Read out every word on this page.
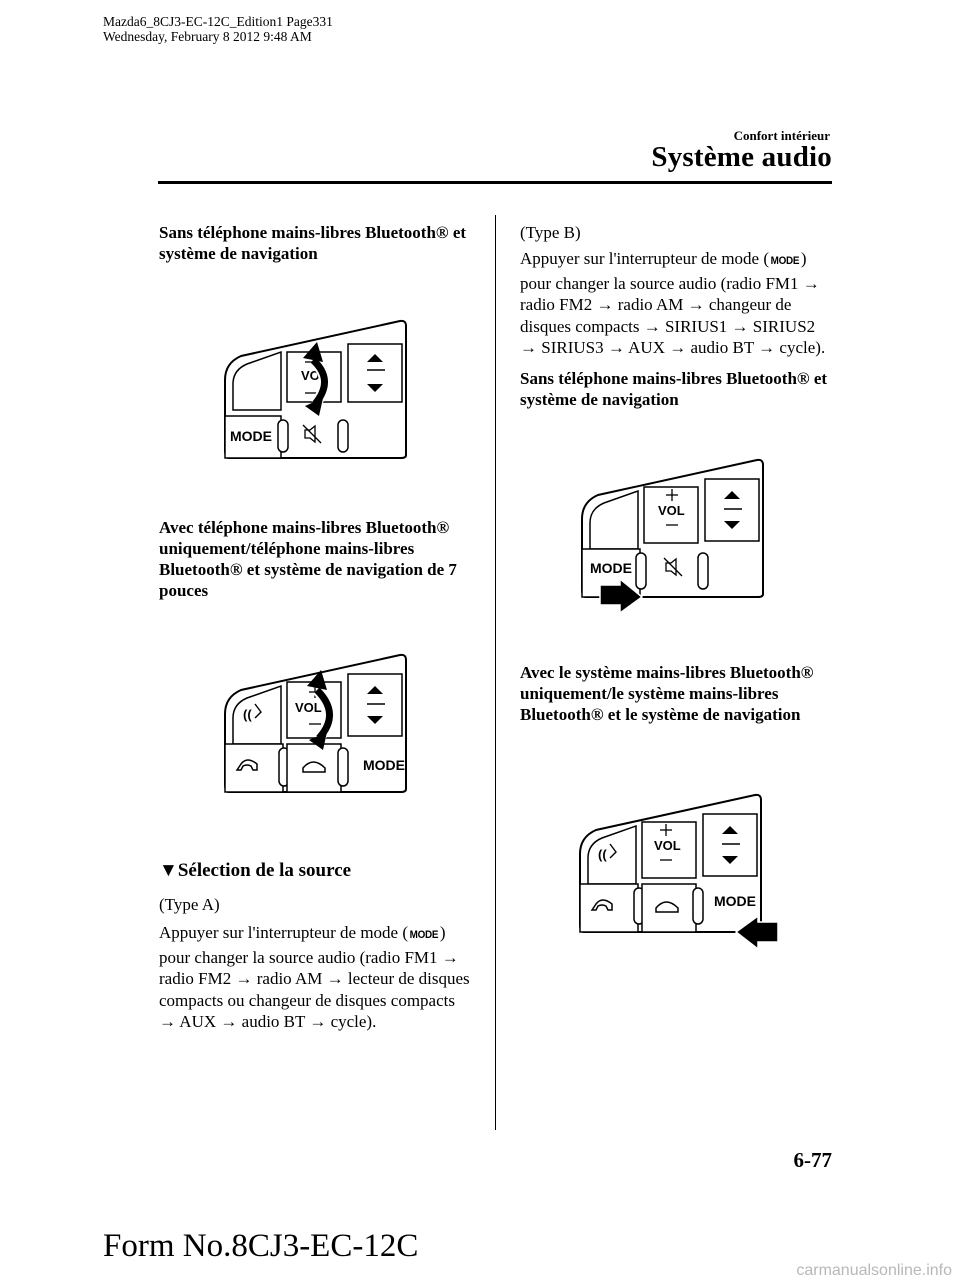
Mazda6_8CJ3-EC-12C_Edition1 Page331
Wednesday, February 8 2012 9:48 AM
Confort intérieur
Système audio
Sans téléphone mains-libres Bluetooth® et système de navigation
VO
MODE
Avec téléphone mains-libres Bluetooth® uniquement/téléphone mains-libres Bluetooth® et système de navigation de 7 pouces
((	VOL
MODE
▼Sélection de la source
(Type A)
Appuyer sur l'interrupteur de mode ( MODE) pour changer la source audio (radio FM1 → radio FM2 → radio AM → lecteur de disques compacts ou changeur de disques compacts → AUX → audio BT → cycle).
(Type B)
Appuyer sur l'interrupteur de mode ( MODE) pour changer la source audio (radio FM1 → radio FM2 → radio AM → changeur de disques compacts → SIRIUS1 → SIRIUS2 → SIRIUS3 → AUX → audio BT → cycle).
Sans téléphone mains-libres Bluetooth® et système de navigation
VOL
MODE
Avec le système mains-libres Bluetooth® uniquement/le système mains-libres Bluetooth® et le système de navigation
((
VOL
MODE
6-77
Form No.8CJ3-EC-12C
carmanualsonline.info
